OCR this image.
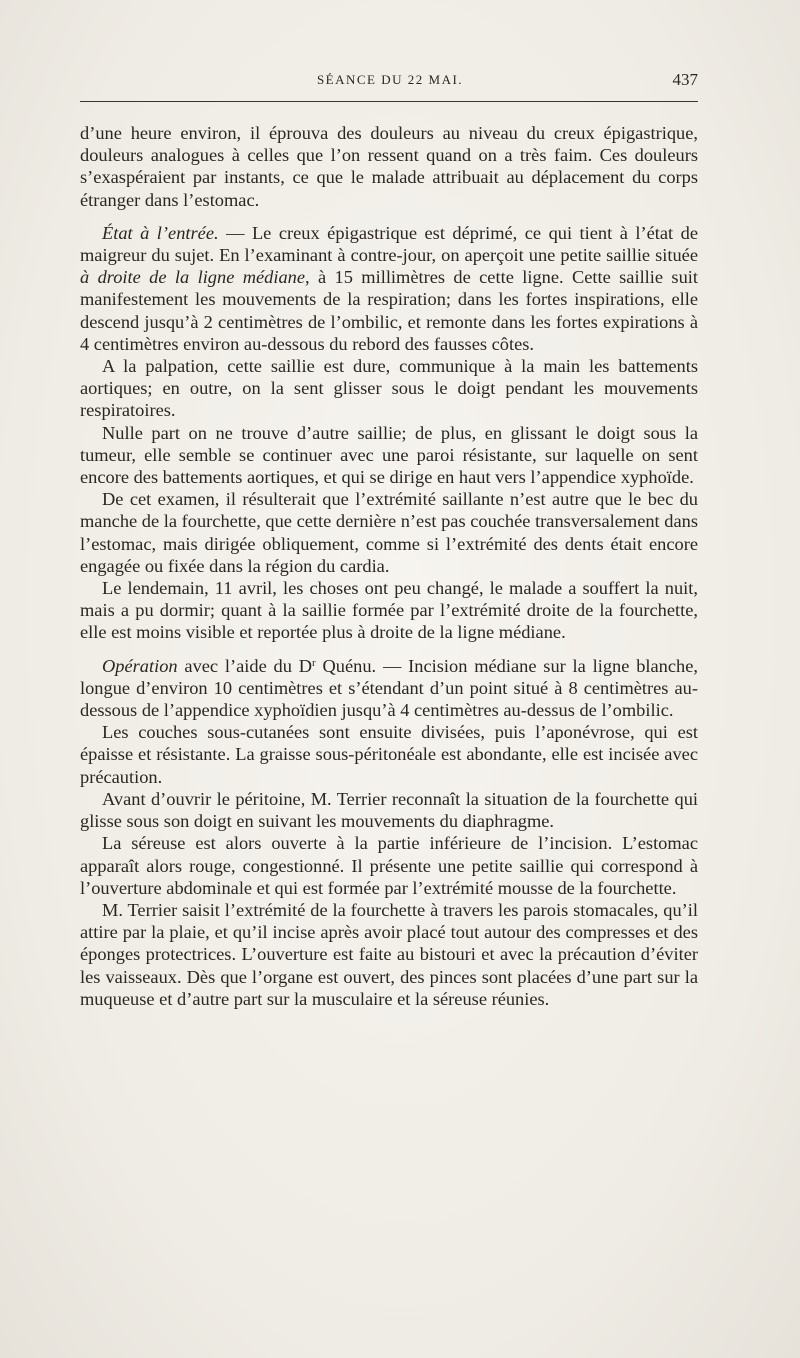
SÉANCE DU 22 MAI.	437

d’une heure environ, il éprouva des douleurs au niveau du creux épigastrique, douleurs analogues à celles que l’on ressent quand on a très faim. Ces douleurs s’exaspéraient par instants, ce que le malade attribuait au déplacement du corps étranger dans l’estomac.

État à l’entrée. — Le creux épigastrique est déprimé, ce qui tient à l’état de maigreur du sujet. En l’examinant à contre-jour, on aperçoit une petite saillie située à droite de la ligne médiane, à 15 millimètres de cette ligne. Cette saillie suit manifestement les mouvements de la respiration; dans les fortes inspirations, elle descend jusqu’à 2 centimètres de l’ombilic, et remonte dans les fortes expirations à 4 centimètres environ au-dessous du rebord des fausses côtes.

A la palpation, cette saillie est dure, communique à la main les battements aortiques; en outre, on la sent glisser sous le doigt pendant les mouvements respiratoires.

Nulle part on ne trouve d’autre saillie; de plus, en glissant le doigt sous la tumeur, elle semble se continuer avec une paroi résistante, sur laquelle on sent encore des battements aortiques, et qui se dirige en haut vers l’appendice xyphoïde.

De cet examen, il résulterait que l’extrémité saillante n’est autre que le bec du manche de la fourchette, que cette dernière n’est pas couchée transversalement dans l’estomac, mais dirigée obliquement, comme si l’extrémité des dents était encore engagée ou fixée dans la région du cardia.

Le lendemain, 11 avril, les choses ont peu changé, le malade a souffert la nuit, mais a pu dormir; quant à la saillie formée par l’extrémité droite de la fourchette, elle est moins visible et reportée plus à droite de la ligne médiane.

Opération avec l’aide du $D^r$ Quénu. — Incision médiane sur la ligne blanche, longue d’environ 10 centimètres et s’étendant d’un point situé à 8 centimètres au-dessous de l’appendice xyphoïdien jusqu’à 4 centimètres au-dessus de l’ombilic.

Les couches sous-cutanées sont ensuite divisées, puis l’aponévrose, qui est épaisse et résistante. La graisse sous-péritonéale est abondante, elle est incisée avec précaution.

Avant d’ouvrir le péritoine, M. Terrier reconnaît la situation de la fourchette qui glisse sous son doigt en suivant les mouvements du diaphragme.

La séreuse est alors ouverte à la partie inférieure de l’incision. L’estomac apparaît alors rouge, congestionné. Il présente une petite saillie qui correspond à l’ouverture abdominale et qui est formée par l’extrémité mousse de la fourchette.

M. Terrier saisit l’extrémité de la fourchette à travers les parois stomacales, qu’il attire par la plaie, et qu’il incise après avoir placé tout autour des compresses et des éponges protectrices. L’ouverture est faite au bistouri et avec la précaution d’éviter les vaisseaux. Dès que l’organe est ouvert, des pinces sont placées d’une part sur la muqueuse et d’autre part sur la musculaire et la séreuse réunies.
